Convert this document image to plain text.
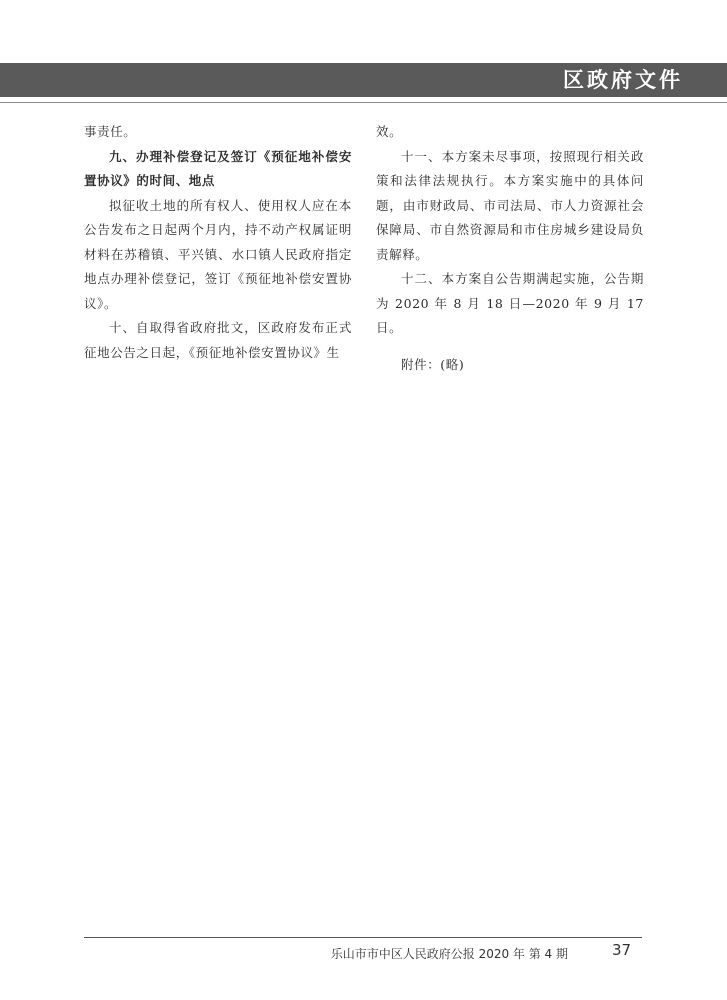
区政府文件

事责任。

九、办理补偿登记及签订《预征地补偿安置协议》的时间、地点

拟征收土地的所有权人、使用权人应在本公告发布之日起两个月内，持不动产权属证明材料在苏稽镇、平兴镇、水口镇人民政府指定地点办理补偿登记，签订《预征地补偿安置协议》。

十、自取得省政府批文，区政府发布正式征地公告之日起，《预征地补偿安置协议》生

效。

十一、本方案未尽事项，按照现行相关政策和法律法规执行。本方案实施中的具体问题，由市财政局、市司法局、市人力资源社会保障局、市自然资源局和市住房城乡建设局负责解释。

十二、本方案自公告期满起实施，公告期为 2020 年 8 月 18 日—2020 年 9 月 17 日。

附件：(略)

乐山市市中区人民政府公报 2020 年 第 4 期	37
